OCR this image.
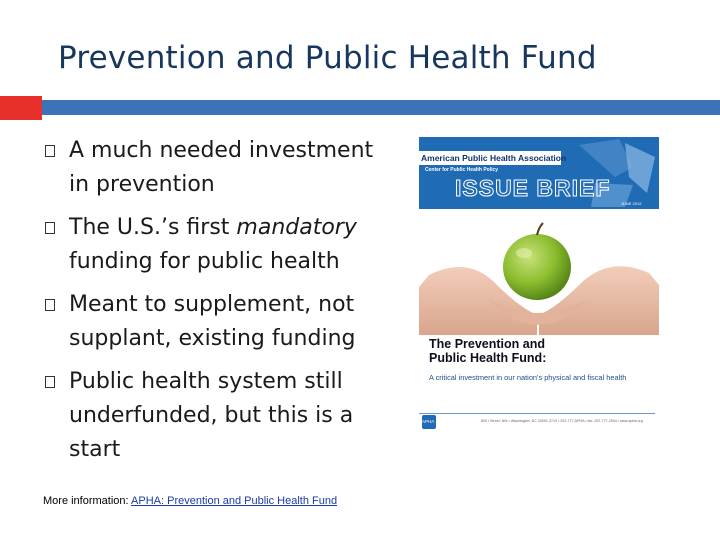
Prevention and Public Health Fund
A much needed investment in prevention
The U.S.’s first mandatory funding for public health
Meant to supplement, not supplant, existing funding
Public health system still underfunded, but this is a start
More information: APHA: Prevention and Public Health Fund
American Public Health Association
Center for Public Health Policy
ISSUE BRIEF
JUNE 2012
The Prevention and
Public Health Fund:
A critical investment in our nation's physical and fiscal health
APHA	800 I Street, NW • Washington, DC 20001-3710 • 202-777-APHA • fax: 202-777-2534 • www.apha.org
